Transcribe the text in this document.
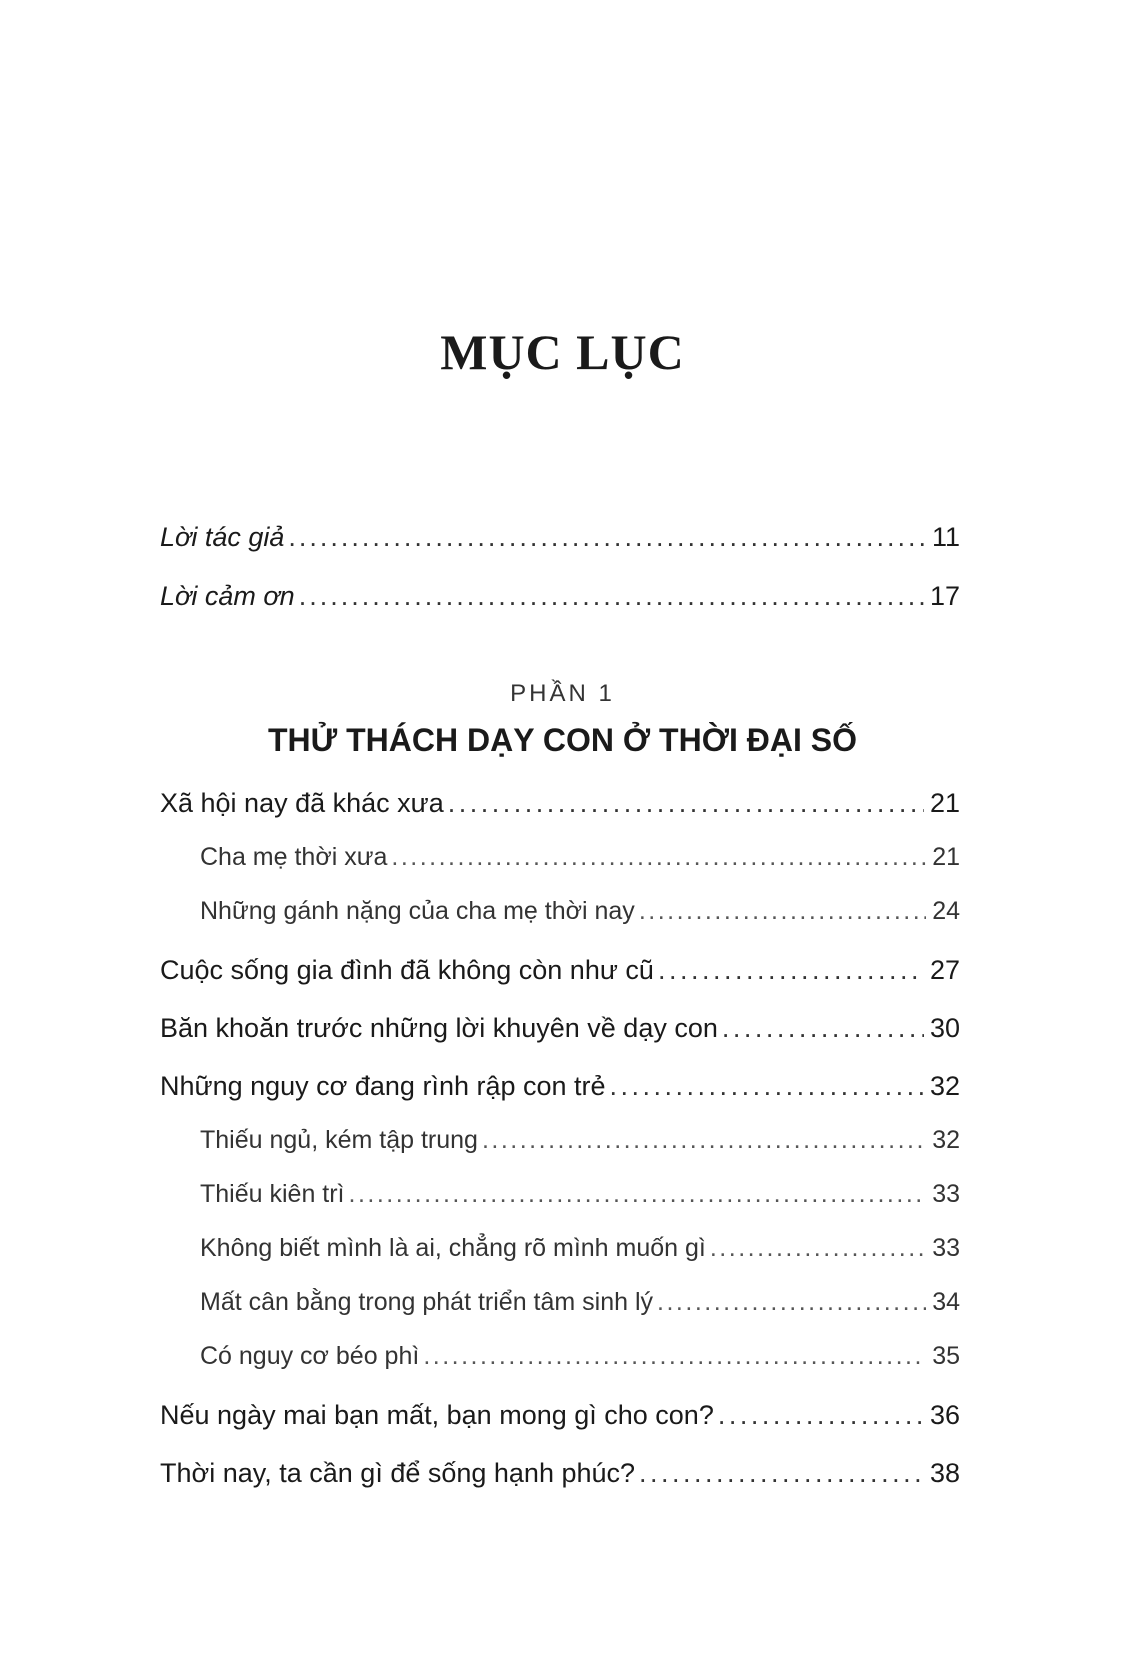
MỤC LỤC
Lời tác giả .....	11
Lời cảm ơn .....	17
Xã hội nay đã khác xưa .....	21
Cha mẹ thời xưa .....	21
Những gánh nặng của cha mẹ thời nay .....	24
Cuộc sống gia đình đã không còn như cũ .....	27
Băn khoăn trước những lời khuyên về dạy con .....	30
Những nguy cơ đang rình rập con trẻ .....	32
Thiếu ngủ, kém tập trung .....	32
Thiếu kiên trì .....	33
Không biết mình là ai, chẳng rõ mình muốn gì .....	33
Mất cân bằng trong phát triển tâm sinh lý .....	34
Có nguy cơ béo phì .....	35
Nếu ngày mai bạn mất, bạn mong gì cho con? .....	36
Thời nay, ta cần gì để sống hạnh phúc? .....	38
PHẦN 1
THỬ THÁCH DẠY CON Ở THỜI ĐẠI SỐ
